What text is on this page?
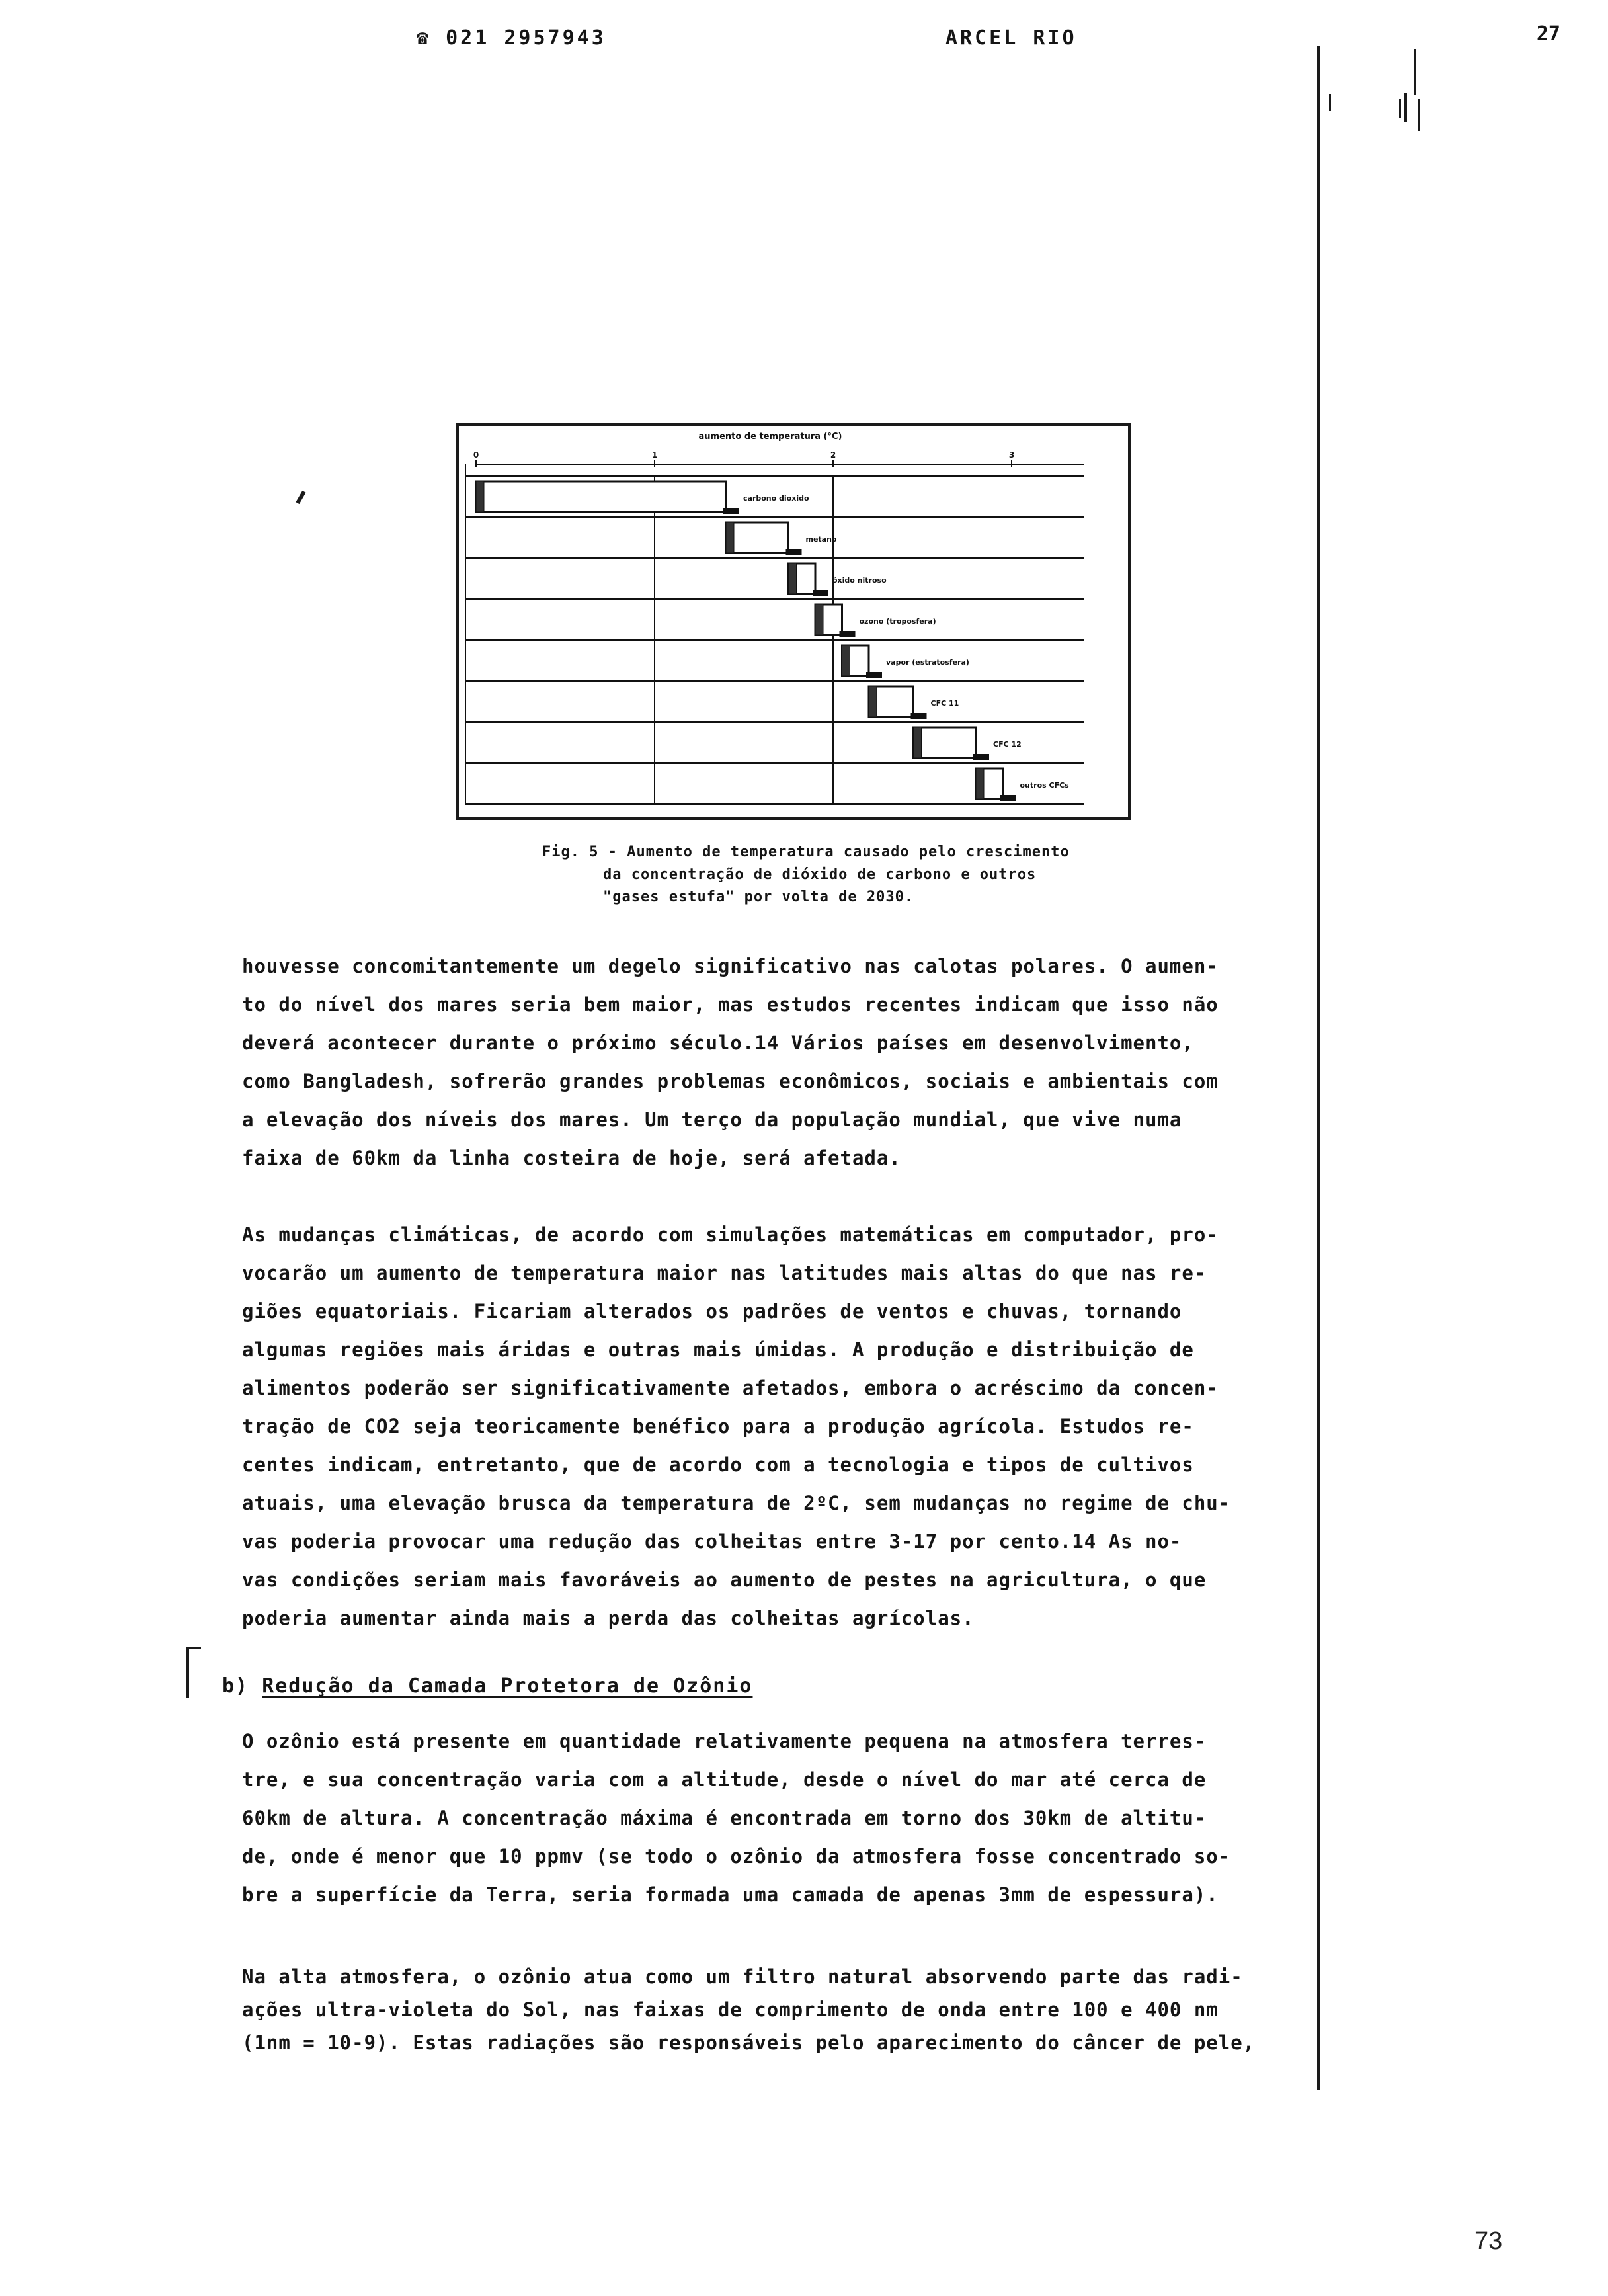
☎ 021 2957943	ARCEL RIO	27
aumento de temperatura (°C)
0	1	2	3
carbono dioxido
metano
óxido nitroso
ozono (troposfera)
vapor (estratosfera)
CFC 11
CFC 12
outros CFCs

Fig. 5 - Aumento de temperatura causado pelo crescimento

da concentração de dióxido de carbono e outros

"gases estufa" por volta de 2030.

houvesse concomitantemente um degelo significativo nas calotas polares. O aumen-

to do nível dos mares seria bem maior, mas estudos recentes indicam que isso não

deverá acontecer durante o próximo século.14 Vários países em desenvolvimento,

como Bangladesh, sofrerão grandes problemas econômicos, sociais e ambientais com

a elevação dos níveis dos mares. Um terço da população mundial, que vive numa

faixa de 60km da linha costeira de hoje, será afetada.

As mudanças climáticas, de acordo com simulações matemáticas em computador, pro-

vocarão um aumento de temperatura maior nas latitudes mais altas do que nas re-

giões equatoriais. Ficariam alterados os padrões de ventos e chuvas, tornando

algumas regiões mais áridas e outras mais úmidas. A produção e distribuição de

alimentos poderão ser significativamente afetados, embora o acréscimo da concen-

tração de CO2 seja teoricamente benéfico para a produção agrícola. Estudos re-

centes indicam, entretanto, que de acordo com a tecnologia e tipos de cultivos

atuais, uma elevação brusca da temperatura de 2ºC, sem mudanças no regime de chu-

vas poderia provocar uma redução das colheitas entre 3-17 por cento.14 As no-

vas condições seriam mais favoráveis ao aumento de pestes na agricultura, o que

poderia aumentar ainda mais a perda das colheitas agrícolas.

b) Redução da Camada Protetora de Ozônio

O ozônio está presente em quantidade relativamente pequena na atmosfera terres-

tre, e sua concentração varia com a altitude, desde o nível do mar até cerca de

60km de altura. A concentração máxima é encontrada em torno dos 30km de altitu-

de, onde é menor que 10 ppmv (se todo o ozônio da atmosfera fosse concentrado so-

bre a superfície da Terra, seria formada uma camada de apenas 3mm de espessura).

Na alta atmosfera, o ozônio atua como um filtro natural absorvendo parte das radi-

ações ultra-violeta do Sol, nas faixas de comprimento de onda entre 100 e 400 nm

(1nm = 10-9). Estas radiações são responsáveis pelo aparecimento do câncer de pele,

73
